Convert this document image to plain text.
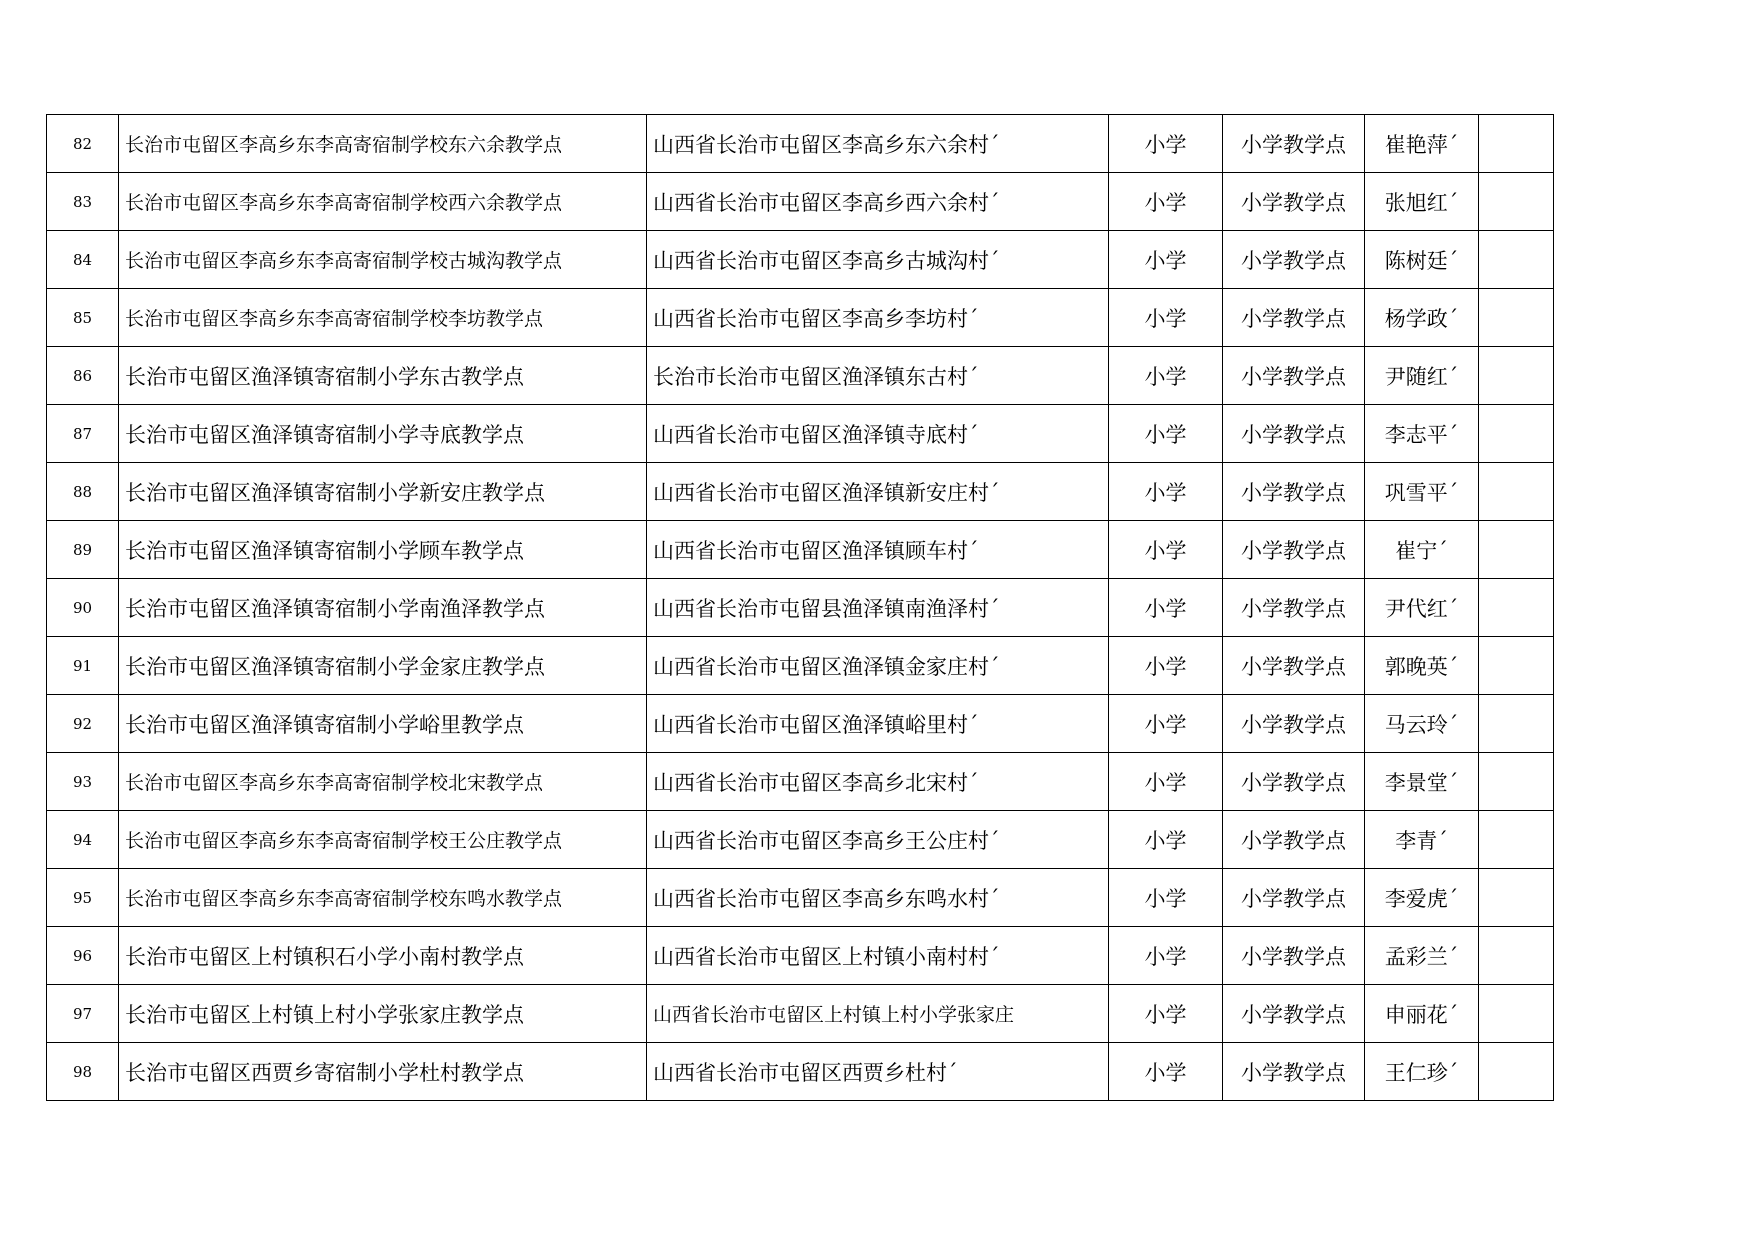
82	长治市屯留区李高乡东李高寄宿制学校东六余教学点	山西省长治市屯留区李高乡东六余村´	小学	小学教学点	崔艳萍´	
83	长治市屯留区李高乡东李高寄宿制学校西六余教学点	山西省长治市屯留区李高乡西六余村´	小学	小学教学点	张旭红´	
84	长治市屯留区李高乡东李高寄宿制学校古城沟教学点	山西省长治市屯留区李高乡古城沟村´	小学	小学教学点	陈树廷´	
85	长治市屯留区李高乡东李高寄宿制学校李坊教学点	山西省长治市屯留区李高乡李坊村´	小学	小学教学点	杨学政´	
86	长治市屯留区渔泽镇寄宿制小学东古教学点	长治市长治市屯留区渔泽镇东古村´	小学	小学教学点	尹随红´	
87	长治市屯留区渔泽镇寄宿制小学寺底教学点	山西省长治市屯留区渔泽镇寺底村´	小学	小学教学点	李志平´	
88	长治市屯留区渔泽镇寄宿制小学新安庄教学点	山西省长治市屯留区渔泽镇新安庄村´	小学	小学教学点	巩雪平´	
89	长治市屯留区渔泽镇寄宿制小学顾车教学点	山西省长治市屯留区渔泽镇顾车村´	小学	小学教学点	崔宁´	
90	长治市屯留区渔泽镇寄宿制小学南渔泽教学点	山西省长治市屯留县渔泽镇南渔泽村´	小学	小学教学点	尹代红´	
91	长治市屯留区渔泽镇寄宿制小学金家庄教学点	山西省长治市屯留区渔泽镇金家庄村´	小学	小学教学点	郭晚英´	
92	长治市屯留区渔泽镇寄宿制小学峪里教学点	山西省长治市屯留区渔泽镇峪里村´	小学	小学教学点	马云玲´	
93	长治市屯留区李高乡东李高寄宿制学校北宋教学点	山西省长治市屯留区李高乡北宋村´	小学	小学教学点	李景堂´	
94	长治市屯留区李高乡东李高寄宿制学校王公庄教学点	山西省长治市屯留区李高乡王公庄村´	小学	小学教学点	李青´	
95	长治市屯留区李高乡东李高寄宿制学校东鸣水教学点	山西省长治市屯留区李高乡东鸣水村´	小学	小学教学点	李爱虎´	
96	长治市屯留区上村镇积石小学小南村教学点	山西省长治市屯留区上村镇小南村村´	小学	小学教学点	孟彩兰´	
97	长治市屯留区上村镇上村小学张家庄教学点	山西省长治市屯留区上村镇上村小学张家庄	小学	小学教学点	申丽花´	
98	长治市屯留区西贾乡寄宿制小学杜村教学点	山西省长治市屯留区西贾乡杜村´	小学	小学教学点	王仁珍´	
